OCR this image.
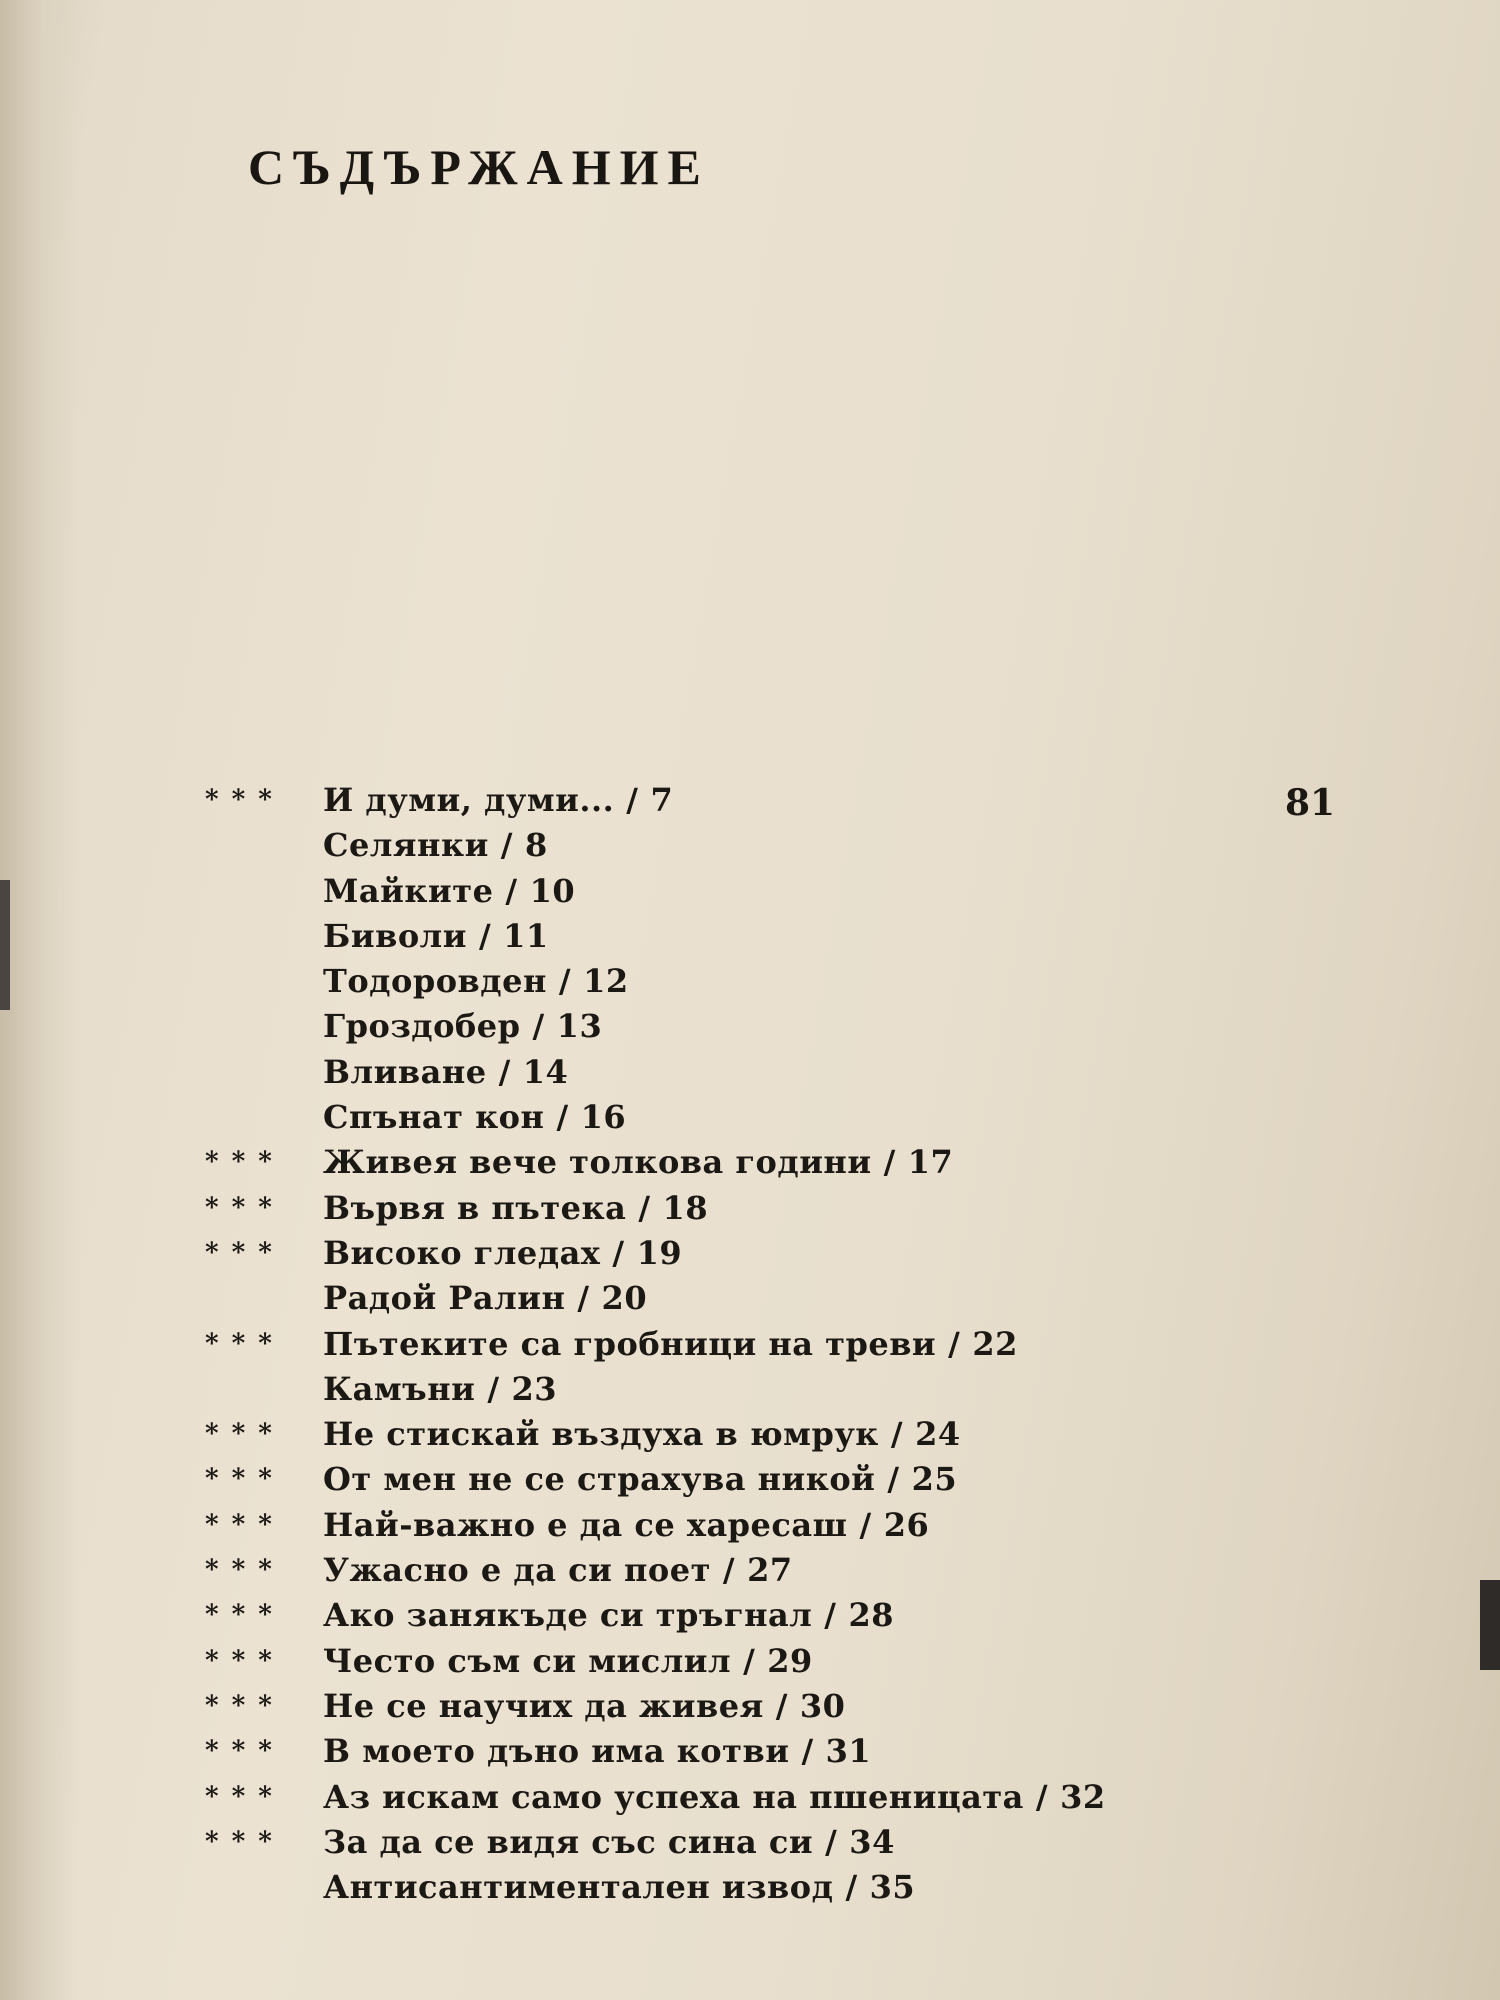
СЪДЪРЖАНИЕ
81
* * *	И думи, думи... / 7
Селянки / 8
Майките / 10
Биволи / 11
Тодоровден / 12
Гроздобер / 13
Вливане / 14
Спънат кон / 16
* * *	Живея вече толкова години / 17
* * *	Вървя в пътека / 18
* * *	Високо гледах / 19
Радой Ралин / 20
* * *	Пътеките са гробници на треви / 22
Камъни / 23
* * *	Не стискай въздуха в юмрук / 24
* * *	От мен не се страхува никой / 25
* * *	Най-важно е да се харесаш / 26
* * *	Ужасно е да си поет / 27
* * *	Ако занякъде си тръгнал / 28
* * *	Често съм си мислил / 29
* * *	Не се научих да живея / 30
* * *	В моето дъно има котви / 31
* * *	Аз искам само успеха на пшеницата / 32
* * *	За да се видя със сина си / 34
Антисантиментален извод / 35
